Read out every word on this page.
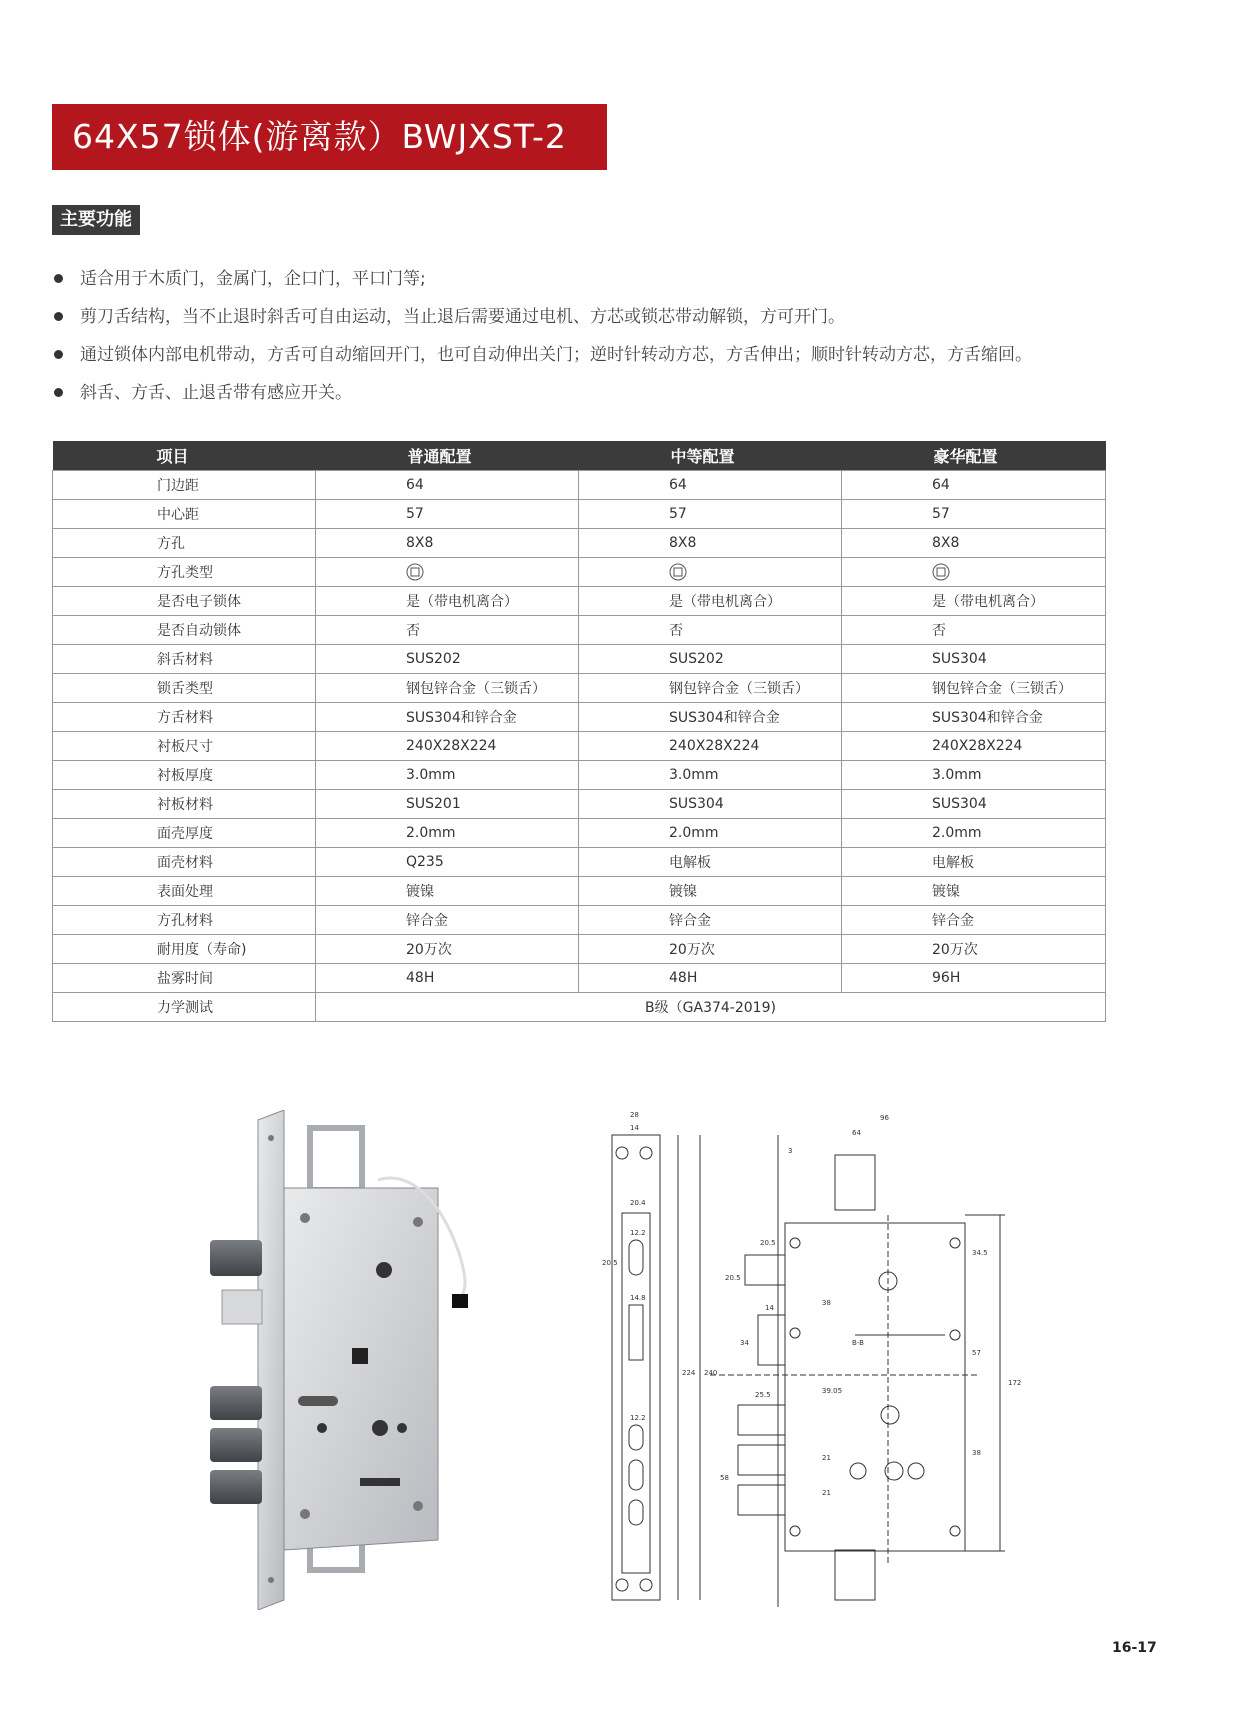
64X57锁体(游离款）BWJXST-2
主要功能
适合用于木质门，金属门，企口门，平口门等;
剪刀舌结构，当不止退时斜舌可自由运动，当止退后需要通过电机、方芯或锁芯带动解锁，方可开门。
通过锁体内部电机带动，方舌可自动缩回开门，也可自动伸出关门；逆时针转动方芯，方舌伸出；顺时针转动方芯，方舌缩回。
斜舌、方舌、止退舌带有感应开关。
项目	普通配置	中等配置	豪华配置
门边距	64	64	64
中心距	57	57	57
方孔	8X8	8X8	8X8
方孔类型			
是否电子锁体	是（带电机离合）	是（带电机离合）	是（带电机离合）
是否自动锁体	否	否	否
斜舌材料	SUS202	SUS202	SUS304
锁舌类型	钢包锌合金（三锁舌）	钢包锌合金（三锁舌）	钢包锌合金（三锁舌）
方舌材料	SUS304和锌合金	SUS304和锌合金	SUS304和锌合金
衬板尺寸	240X28X224	240X28X224	240X28X224
衬板厚度	3.0mm	3.0mm	3.0mm
衬板材料	SUS201	SUS304	SUS304
面壳厚度	2.0mm	2.0mm	2.0mm
面壳材料	Q235	电解板	电解板
表面处理	镀镍	镀镍	镀镍
方孔材料	锌合金	锌合金	锌合金
耐用度（寿命)	20万次	20万次	20万次
盐雾时间	48H	48H	96H
力学测试	B级（GA374-2019)		
28
14
20.4
12.2
14.8
12.2
20.5
224 240
96
64
3
20.5
20.5
14
34
38
39.05
25.5
21
21
58
34.5
57
172
38
B-B
16-17
